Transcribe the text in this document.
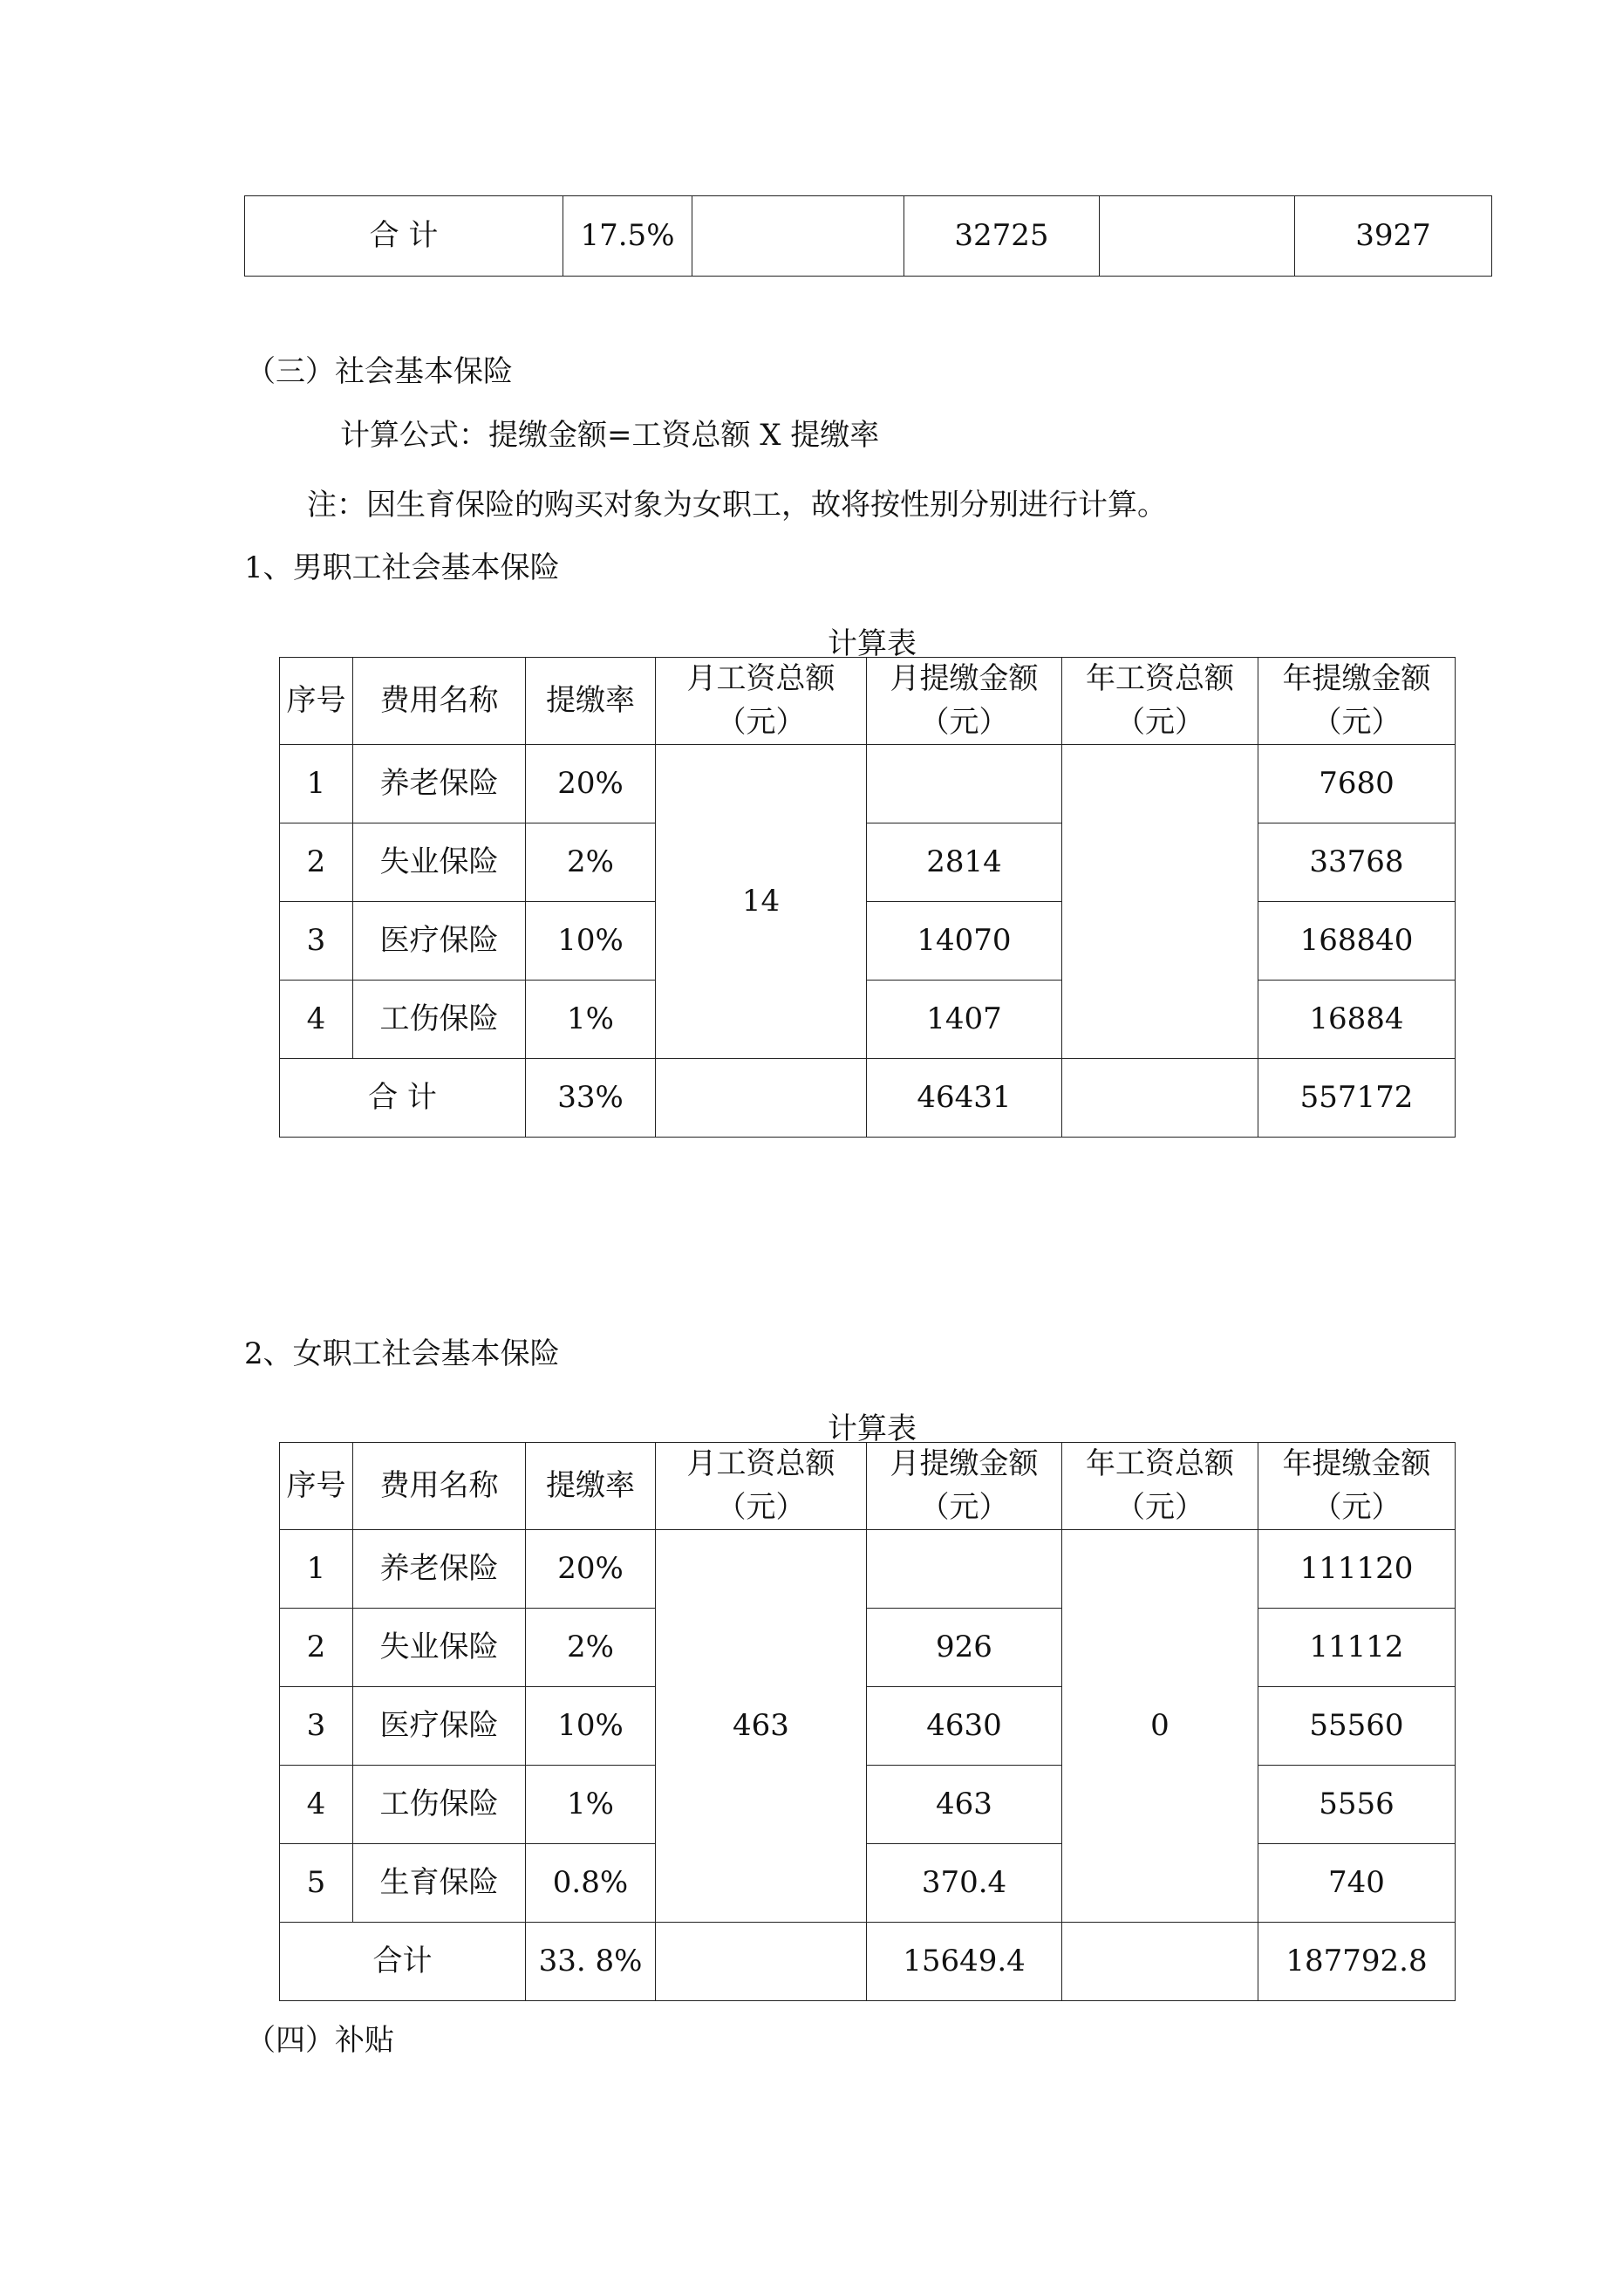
合 计	17.5%		32725		3927
（三）社会基本保险
计算公式：提缴金额=工资总额 X 提缴率
注：因生育保险的购买对象为女职工，故将按性别分别进行计算。
1、男职工社会基本保险
计算表
序号	费用名称	提缴率	月工资总额（元）	月提缴金额（元）	年工资总额（元）	年提缴金额（元）
1	养老保险	20%	14			7680
2	失业保险	2%		2814		33768
3	医疗保险	10%		14070		168840
4	工伤保险	1%		1407		16884
合 计		33%		46431		557172
2、女职工社会基本保险
计算表
序号	费用名称	提缴率	月工资总额（元）	月提缴金额（元）	年工资总额（元）	年提缴金额（元）
1	养老保险	20%	463		0	111120
2	失业保险	2%		926		11112
3	医疗保险	10%		4630		55560
4	工伤保险	1%		463		5556
5	生育保险	0.8%		370.4		740
合计		33. 8%		15649.4		187792.8
（四）补贴
